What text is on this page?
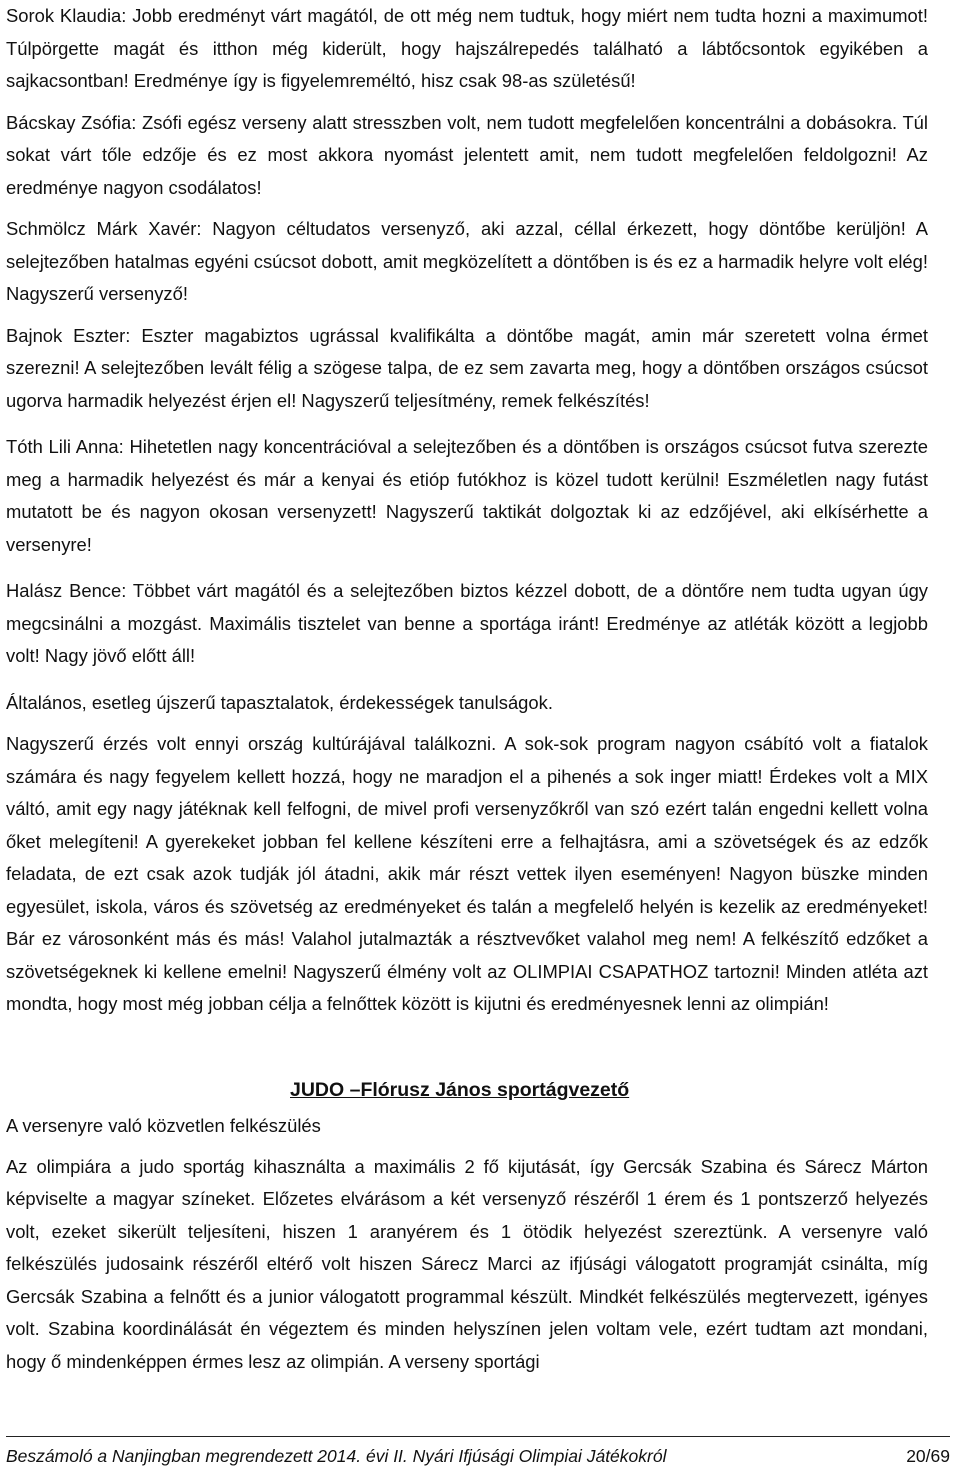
Sorok Klaudia: Jobb eredményt várt magától, de ott még nem tudtuk, hogy miért nem tudta hozni a maximumot! Túlpörgette magát és itthon még kiderült, hogy hajszálrepedés található a lábtőcsontok egyikében a sajkacsontban! Eredménye így is figyelemreméltó, hisz csak 98-as születésű!

Bácskay Zsófia: Zsófi egész verseny alatt stresszben volt, nem tudott megfelelően koncentrálni a dobásokra. Túl sokat várt tőle edzője és ez most akkora nyomást jelentett amit, nem tudott megfelelően feldolgozni! Az eredménye nagyon csodálatos!

Schmölcz Márk Xavér: Nagyon céltudatos versenyző, aki azzal, céllal érkezett, hogy döntőbe kerüljön! A selejtezőben hatalmas egyéni csúcsot dobott, amit megközelített a döntőben is és ez a harmadik helyre volt elég! Nagyszerű versenyző!

Bajnok Eszter: Eszter magabiztos ugrással kvalifikálta a döntőbe magát, amin már szeretett volna érmet szerezni! A selejtezőben levált félig a szögese talpa, de ez sem zavarta meg, hogy a döntőben országos csúcsot ugorva harmadik helyezést érjen el! Nagyszerű teljesítmény, remek felkészítés!

Tóth Lili Anna: Hihetetlen nagy koncentrációval a selejtezőben és a döntőben is országos csúcsot futva szerezte meg a harmadik helyezést és már a kenyai és etióp futókhoz is közel tudott kerülni! Eszméletlen nagy futást mutatott be és nagyon okosan versenyzett! Nagyszerű taktikát dolgoztak ki az edzőjével, aki elkísérhette a versenyre!

Halász Bence: Többet várt magától és a selejtezőben biztos kézzel dobott, de a döntőre nem tudta ugyan úgy megcsinálni a mozgást. Maximális tisztelet van benne a sportága iránt! Eredménye az atléták között a legjobb volt! Nagy jövő előtt áll!

Általános, esetleg újszerű tapasztalatok, érdekességek tanulságok.

Nagyszerű érzés volt ennyi ország kultúrájával találkozni. A sok-sok program nagyon csábító volt a fiatalok számára és nagy fegyelem kellett hozzá, hogy ne maradjon el a pihenés a sok inger miatt! Érdekes volt a MIX váltó, amit egy nagy játéknak kell felfogni, de mivel profi versenyzőkről van szó ezért talán engedni kellett volna őket melegíteni! A gyerekeket jobban fel kellene készíteni erre a felhajtásra, ami a szövetségek és az edzők feladata, de ezt csak azok tudják jól átadni, akik már részt vettek ilyen eseményen! Nagyon büszke minden egyesület, iskola, város és szövetség az eredményeket és talán a megfelelő helyén is kezelik az eredményeket! Bár ez városonként más és más! Valahol jutalmazták a résztvevőket valahol meg nem! A felkészítő edzőket a szövetségeknek ki kellene emelni! Nagyszerű élmény volt az OLIMPIAI CSAPATHOZ tartozni! Minden atléta azt mondta, hogy most még jobban célja a felnőttek között is kijutni és eredményesnek lenni az olimpián!

JUDO –Flórusz János sportágvezető

A versenyre való közvetlen felkészülés

Az olimpiára a judo sportág kihasználta a maximális 2 fő kijutását, így Gercsák Szabina és Sárecz Márton képviselte a magyar színeket. Előzetes elvárásom a két versenyző részéről 1 érem és 1 pontszerző helyezés volt, ezeket sikerült teljesíteni, hiszen 1 aranyérem és 1 ötödik helyezést szereztünk. A versenyre való felkészülés judosaink részéről eltérő volt hiszen Sárecz Marci az ifjúsági válogatott programját csinálta, míg Gercsák Szabina a felnőtt és a junior válogatott programmal készült. Mindkét felkészülés megtervezett, igényes volt. Szabina koordinálását én végeztem és minden helyszínen jelen voltam vele, ezért tudtam azt mondani, hogy ő mindenképpen érmes lesz az olimpián. A verseny sportági

Beszámoló a Nanjingban megrendezett 2014. évi II. Nyári Ifjúsági Olimpiai Játékokról	20/69
